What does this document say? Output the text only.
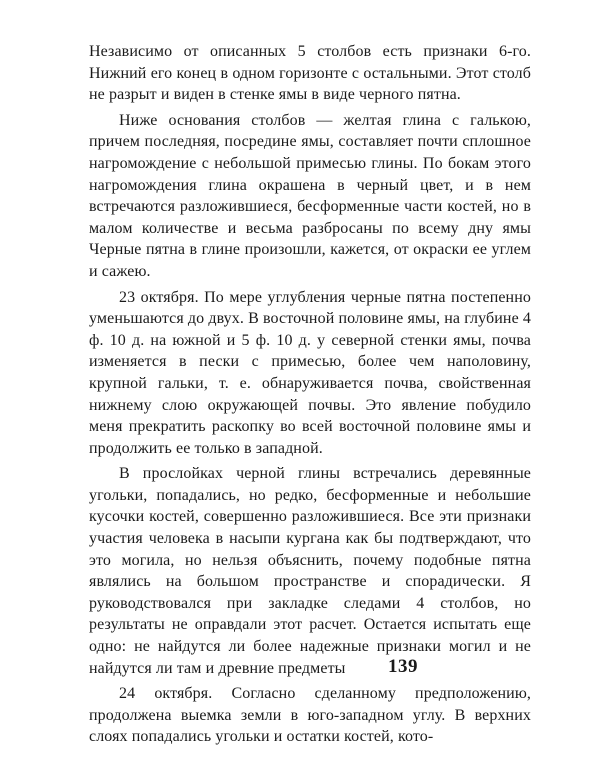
Независимо от описанных 5 столбов есть признаки 6-го. Нижний его конец в одном горизонте с остальными. Этот столб не разрыт и виден в стенке ямы в виде черного пятна.

Ниже основания столбов — желтая глина с галькою, причем последняя, посредине ямы, составляет почти сплошное нагромождение с небольшой примесью глины. По бокам этого нагромождения глина окрашена в черный цвет, и в нем встречаются разложившиеся, бесформенные части костей, но в малом количестве и весьма разбросаны по всему дну ямы Черные пятна в глине произошли, кажется, от окраски ее углем и сажею.

23 октября. По мере углубления черные пятна постепенно уменьшаются до двух. В восточной половине ямы, на глубине 4 ф. 10 д. на южной и 5 ф. 10 д. у северной стенки ямы, почва изменяется в пески с примесью, более чем наполовину, крупной гальки, т. е. обнаруживается почва, свойственная нижнему слою окружающей почвы. Это явление побудило меня прекратить раскопку во всей восточной половине ямы и продолжить ее только в западной.

В прослойках черной глины встречались деревянные угольки, попадались, но редко, бесформенные и небольшие кусочки костей, совершенно разложившиеся. Все эти признаки участия человека в насыпи кургана как бы подтверждают, что это могила, но нельзя объяснить, почему подобные пятна являлись на большом пространстве и спорадически. Я руководствовался при закладке следами 4 столбов, но результаты не оправдали этот расчет. Остается испытать еще одно: не найдутся ли более надежные признаки могил и не найдутся ли там и древние предметы

24 октября. Согласно сделанному предположению, продолжена выемка земли в юго-западном углу. В верхних слоях попадались угольки и остатки костей, кото-

139
